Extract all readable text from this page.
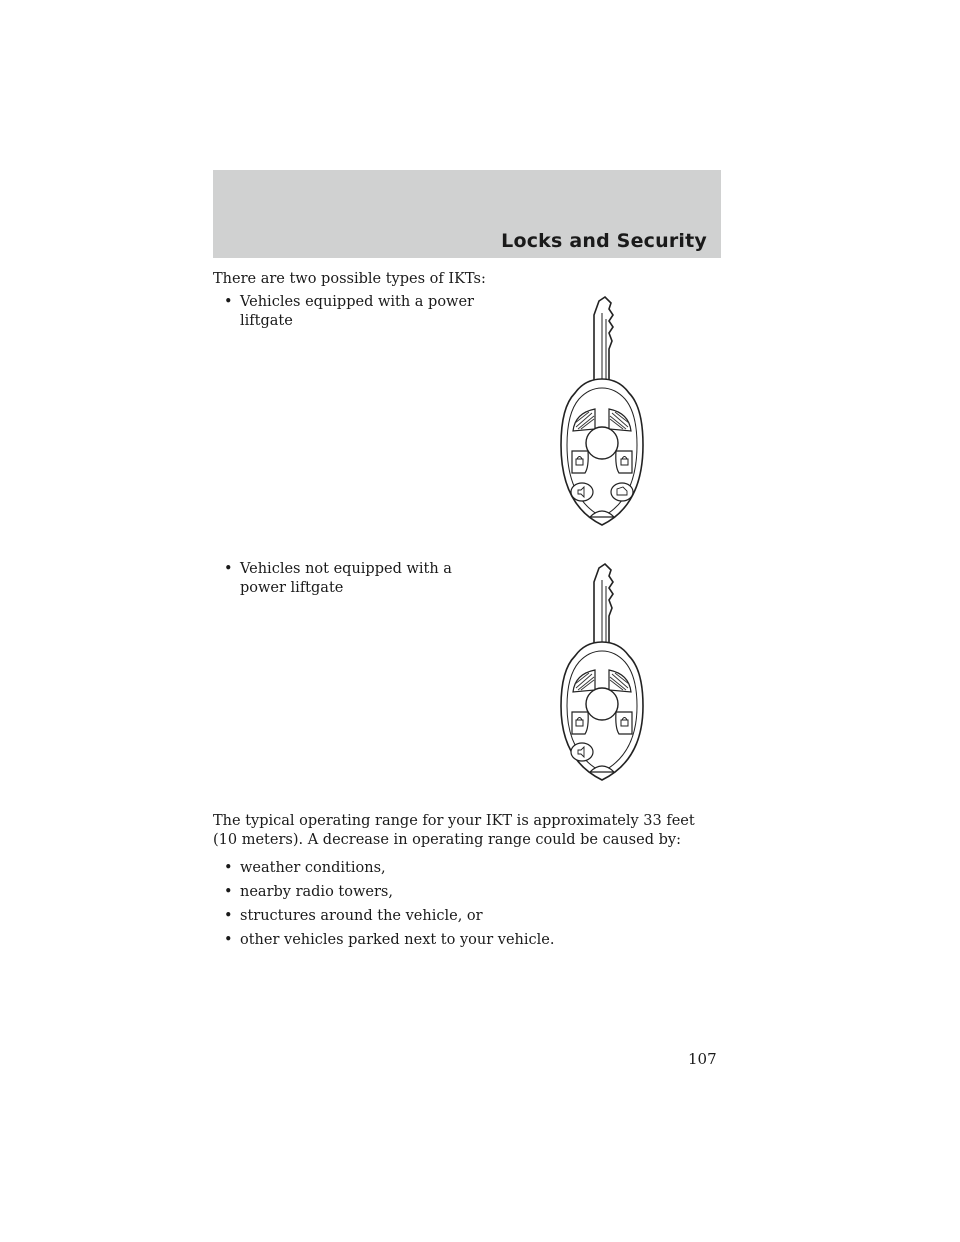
Locks and Security

There are two possible types of IKTs:

• Vehicles equipped with a power
liftgate
• Vehicles not equipped with a
power liftgate

The typical operating range for your IKT is approximately 33 feet
(10 meters). A decrease in operating range could be caused by:

• weather conditions,
• nearby radio towers,
• structures around the vehicle, or
• other vehicles parked next to your vehicle.
107
